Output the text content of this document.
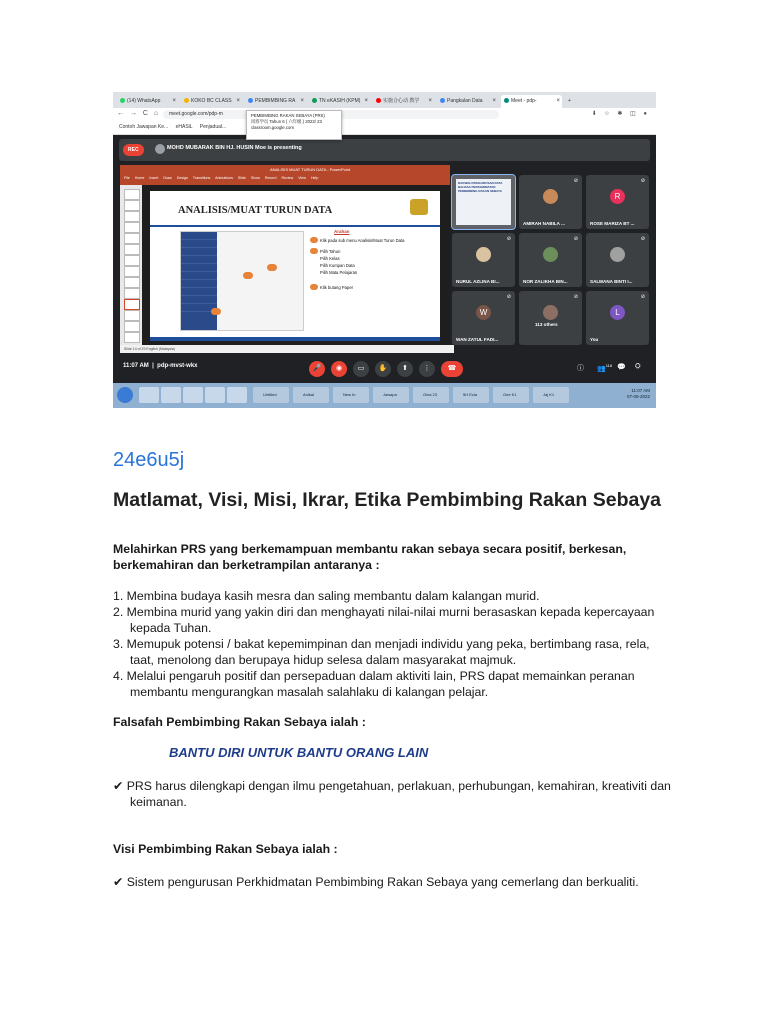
(14) WhatsApp ×	KOKO BC CLASS ×	PEMBIMBING RA ×	TN eKASIH (KPM) ×	实施合心动 教学 ×	Pangkalan Data ×	Meet - pdp-	×	+
← → C ⌂	meet.google.com/pdp-m	⬇ ☆ ✱ ◫ ●
Contoh Jawapan Ke... eHASiL Penjadual...
PEMBIMBING RAKAN SEBAYA (PRS)
同班学员 Tahun 6 ( 六年级 ) 2022/ 23
classroom.google.com
REC	MOHD MUBARAK BIN HJ. HUSIN Moe is presenting
ANALISIS MUAT TURUN DATA - PowerPoint
File Home Insert Draw Design Transitions Animations Slide Show Record Review View Help
ANALISIS/MUAT TURUN DATA
Arahan
Klik pada sub menu Analisis/Muat Turun Data
Pilih Tahun
Pilih Kelas
Pilih Kumpan Data
Pilih Mata Pelajaran
Klik butang Paper
Slide 14 of 29 English (Malaysia)
DAKWAH PENGURUSAN DATA BAHASA PERKHIDMATAN PEMBIMBING RAKAN SEBAYA
⊘
AMIRAH NABILA ...
R
⊘
ROSE MARIZA BT ...
⊘
NURUL AZLINA BI...
⊘
NOR ZALIKHA BIN...
⊘
SALWANA BINTI I...
W
⊘
WAN ZATUL FADI...
⊘
113 others
L
⊘
You
11:07 AM  |  pdp-mvst-wkx	🎤	◉	▭	✋	⬆	⋮	☎	ⓘ 👥$^{118}$ 💬 ⛭
11:07 AM
07-06-2022
Untitled	Anikal	New fo	Jawapa	Gina 23	5H Ecla	Gee K1	Jaj K1
24e6u5j
Matlamat, Visi, Misi, Ikrar, Etika Pembimbing Rakan Sebaya
Melahirkan PRS yang berkemampuan membantu rakan sebaya secara positif, berkesan, berkemahiran dan berketrampilan antaranya :
1. Membina budaya kasih mesra dan saling membantu dalam kalangan murid.
2. Membina murid yang yakin diri dan menghayati nilai-nilai murni berasaskan kepada kepercayaan kepada Tuhan.
3. Memupuk potensi / bakat kepemimpinan dan menjadi individu yang peka, bertimbang rasa, rela, taat, menolong dan berupaya hidup selesa dalam masyarakat majmuk.
4. Melalui pengaruh positif dan persepaduan dalam aktiviti lain, PRS dapat memainkan peranan membantu mengurangkan masalah salahlaku di kalangan pelajar.
Falsafah Pembimbing Rakan Sebaya ialah :
BANTU DIRI UNTUK BANTU ORANG LAIN
✔ PRS harus dilengkapi dengan ilmu pengetahuan, perlakuan, perhubungan, kemahiran, kreativiti dan keimanan.
Visi Pembimbing Rakan Sebaya ialah :
✔ Sistem pengurusan Perkhidmatan Pembimbing Rakan Sebaya yang cemerlang dan berkualiti.
